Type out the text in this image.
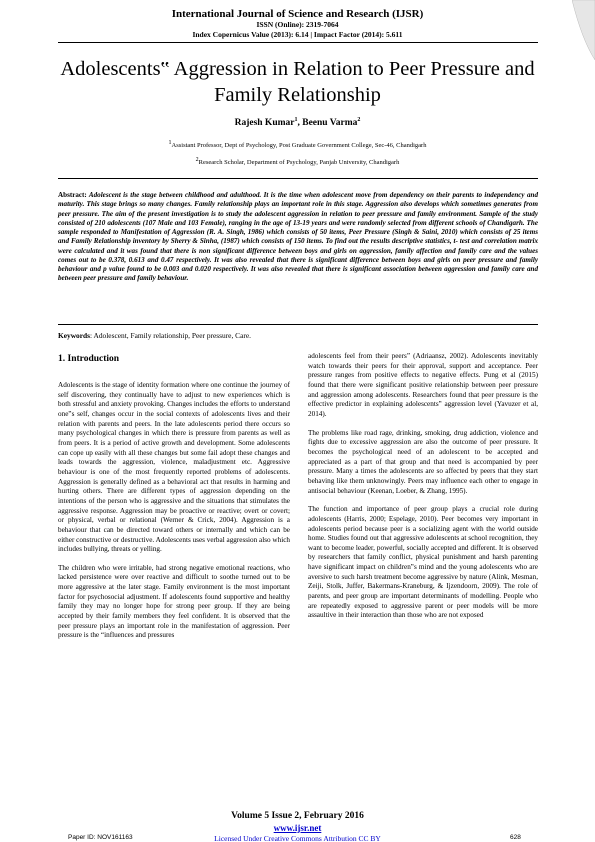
International Journal of Science and Research (IJSR)
ISSN (Online): 2319-7064
Index Copernicus Value (2013): 6.14 | Impact Factor (2014): 5.611
Adolescents‟ Aggression in Relation to Peer Pressure and Family Relationship
Rajesh Kumar$^1$, Beenu Varma$^2$
$^1$Assistant Professor, Dept of Psychology, Post Graduate Government College, Sec-46, Chandigarh
$^2$Research Scholar, Department of Psychology, Panjab University, Chandigarh
Abstract: Adolescent is the stage between childhood and adulthood. It is the time when adolescent move from dependency on their parents to independency and maturity. This stage brings so many changes. Family relationship plays an important role in this stage. Aggression also develops which sometimes generates from peer pressure. The aim of the present investigation is to study the adolescent aggression in relation to peer pressure and family environment. Sample of the study consisted of 210 adolescents (107 Male and 103 Female), ranging in the age of 13-19 years and were randomly selected from different schools of Chandigarh. The sample responded to Manifestation of Aggression (R. A. Singh, 1986) which consists of 50 items, Peer Pressure (Singh & Saini, 2010) which consists of 25 items and Family Relationship inventory by Sherry & Sinha, (1987) which consists of 150 items. To find out the results descriptive statistics, t- test and correlation matrix were calculated and it was found that there is non significant difference between boys and girls on aggression, family affection and family care and the values comes out to be 0.378, 0.613 and 0.47 respectively. It was also revealed that there is significant difference between boys and girls on peer pressure and family behaviour and p value found to be 0.003 and 0.020 respectively. It was also revealed that there is significant association between aggression and family care and between peer pressure and family behaviour.
Keywords: Adolescent, Family relationship, Peer pressure, Care.
1. Introduction

Adolescents is the stage of identity formation where one continue the journey of self discovering, they continually have to adjust to new experiences which is both stressful and anxiety provoking. Changes includes the efforts to understand one‟s self, changes occur in the social contexts of adolescents lives and their relation with parents and peers. In the late adolescents period there occurs so many psychological changes in which there is pressure from parents as well as from peers. It is a period of active growth and development. Some adolescents can cope up easily with all these changes but some fail adopt these changes and leads towards the aggression, violence, maladjustment etc. Aggressive behaviour is one of the most frequently reported problems of adolescents. Aggression is generally defined as a behavioral act that results in harming and hurting others. There are different types of aggression depending on the intentions of the person who is aggressive and the situations that stimulates the aggressive response. Aggression may be proactive or reactive; overt or covert; or physical, verbal or relational (Werner & Crick, 2004). Aggression is a behaviour that can be directed toward others or internally and which can be either constructive or destructive. Adolescents uses verbal aggression also which includes bullying, threats or yelling.

The children who were irritable, had strong negative emotional reactions, who lacked persistence were over reactive and difficult to soothe turned out to be more aggressive at the later stage. Family environment is the most important factor for psychosocial adjustment. If adolescents found supportive and healthy family they may no longer hope for strong peer group. If they are being accepted by their family members they feel confident. It is observed that the peer pressure plays an important role in the manifestation of aggression. Peer pressure is the “influences and pressures

adolescents feel from their peers” (Adriaansz, 2002). Adolescents inevitably watch towards their peers for their approval, support and acceptance. Peer pressure ranges from positive effects to negative effects. Pung et al (2015) found that there were significant positive relationship between peer pressure and aggression among adolescents. Researchers found that peer pressure is the effective predictor in explaining adolescents‟ aggression level (Yavuzer et al, 2014).

The problems like road rage, drinking, smoking, drug addiction, violence and fights due to excessive aggression are also the outcome of peer pressure. It becomes the psychological need of an adolescent to be accepted and appreciated as a part of that group and that need is accompanied by peer pressure. Many a times the adolescents are so affected by peers that they start behaving like them unknowingly. Peers may influence each other to engage in antisocial behaviour (Keenan, Loeber, & Zhang, 1995).

The function and importance of peer group plays a crucial role during adolescents (Harris, 2000; Espelage, 2010). Peer becomes very important in adolescents period because peer is a socializing agent with the world outside home. Studies found out that aggressive adolescents at school recognition, they want to become leader, powerful, socially accepted and different. It is observed by researchers that family conflict, physical punishment and harsh parenting have significant impact on children‟s mind and the young adolescents who are aversive to such harsh treatment become aggressive by nature (Alink, Mesman, Zeiji, Stolk, Juffer, Bakermans-Kraneburg, & Ijzendoorn, 2009). The role of parents, and peer group are important determinants of modelling. People who are repeatedly exposed to aggressive parent or peer models will be more assaultive in their interaction than those who are not exposed

Volume 5 Issue 2, February 2016
www.ijsr.net
Paper ID: NOV161163	628
Licensed Under Creative Commons Attribution CC BY
